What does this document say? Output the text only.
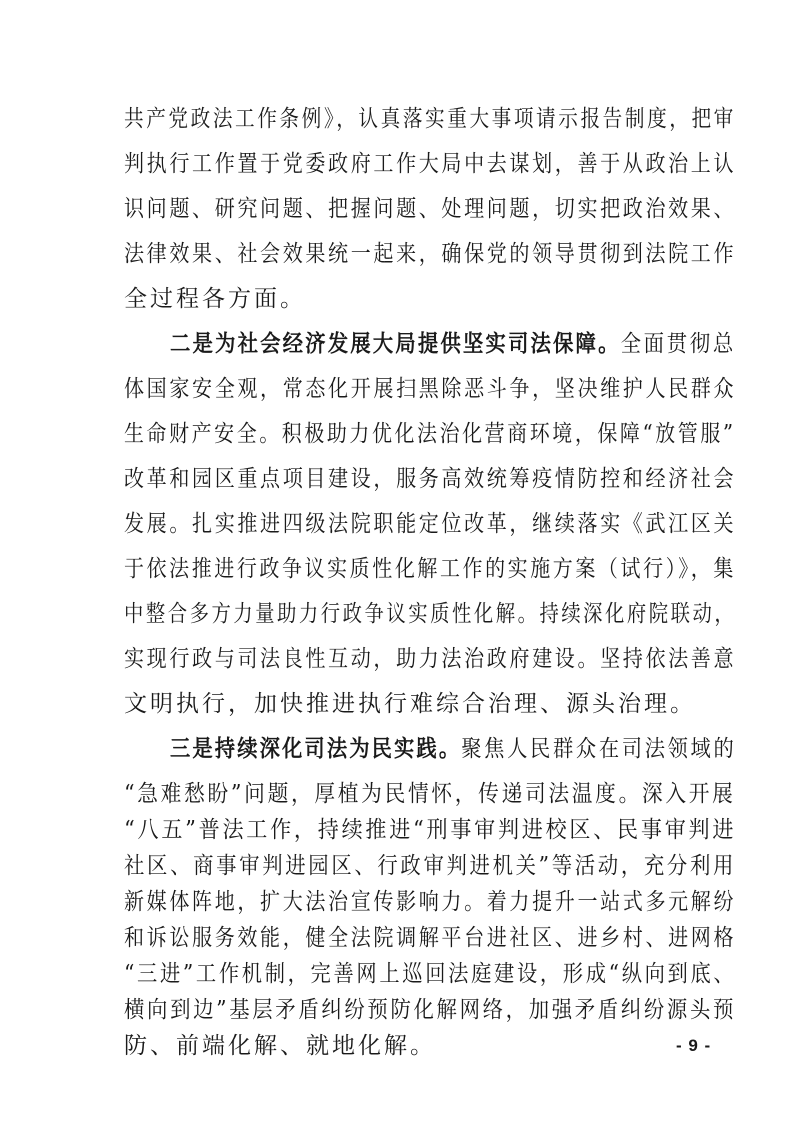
共产党政法工作条例》，认真落实重大事项请示报告制度，把审
判执行工作置于党委政府工作大局中去谋划，善于从政治上认
识问题、研究问题、把握问题、处理问题，切实把政治效果、
法律效果、社会效果统一起来，确保党的领导贯彻到法院工作
全过程各方面。
二是为社会经济发展大局提供坚实司法保障。全面贯彻总
体国家安全观，常态化开展扫黑除恶斗争，坚决维护人民群众
生命财产安全。积极助力优化法治化营商环境，保障“放管服”
改革和园区重点项目建设，服务高效统筹疫情防控和经济社会
发展。扎实推进四级法院职能定位改革，继续落实《武江区关
于依法推进行政争议实质性化解工作的实施方案（试行）》，集
中整合多方力量助力行政争议实质性化解。持续深化府院联动，
实现行政与司法良性互动，助力法治政府建设。坚持依法善意
文明执行，加快推进执行难综合治理、源头治理。
三是持续深化司法为民实践。聚焦人民群众在司法领域的
“急难愁盼”问题，厚植为民情怀，传递司法温度。深入开展
“八五”普法工作，持续推进“刑事审判进校区、民事审判进
社区、商事审判进园区、行政审判进机关”等活动，充分利用
新媒体阵地，扩大法治宣传影响力。着力提升一站式多元解纷
和诉讼服务效能，健全法院调解平台进社区、进乡村、进网格
- 9 -
“三进”工作机制，完善网上巡回法庭建设，形成“纵向到底、
横向到边”基层矛盾纠纷预防化解网络，加强矛盾纠纷源头预
防、前端化解、就地化解。
